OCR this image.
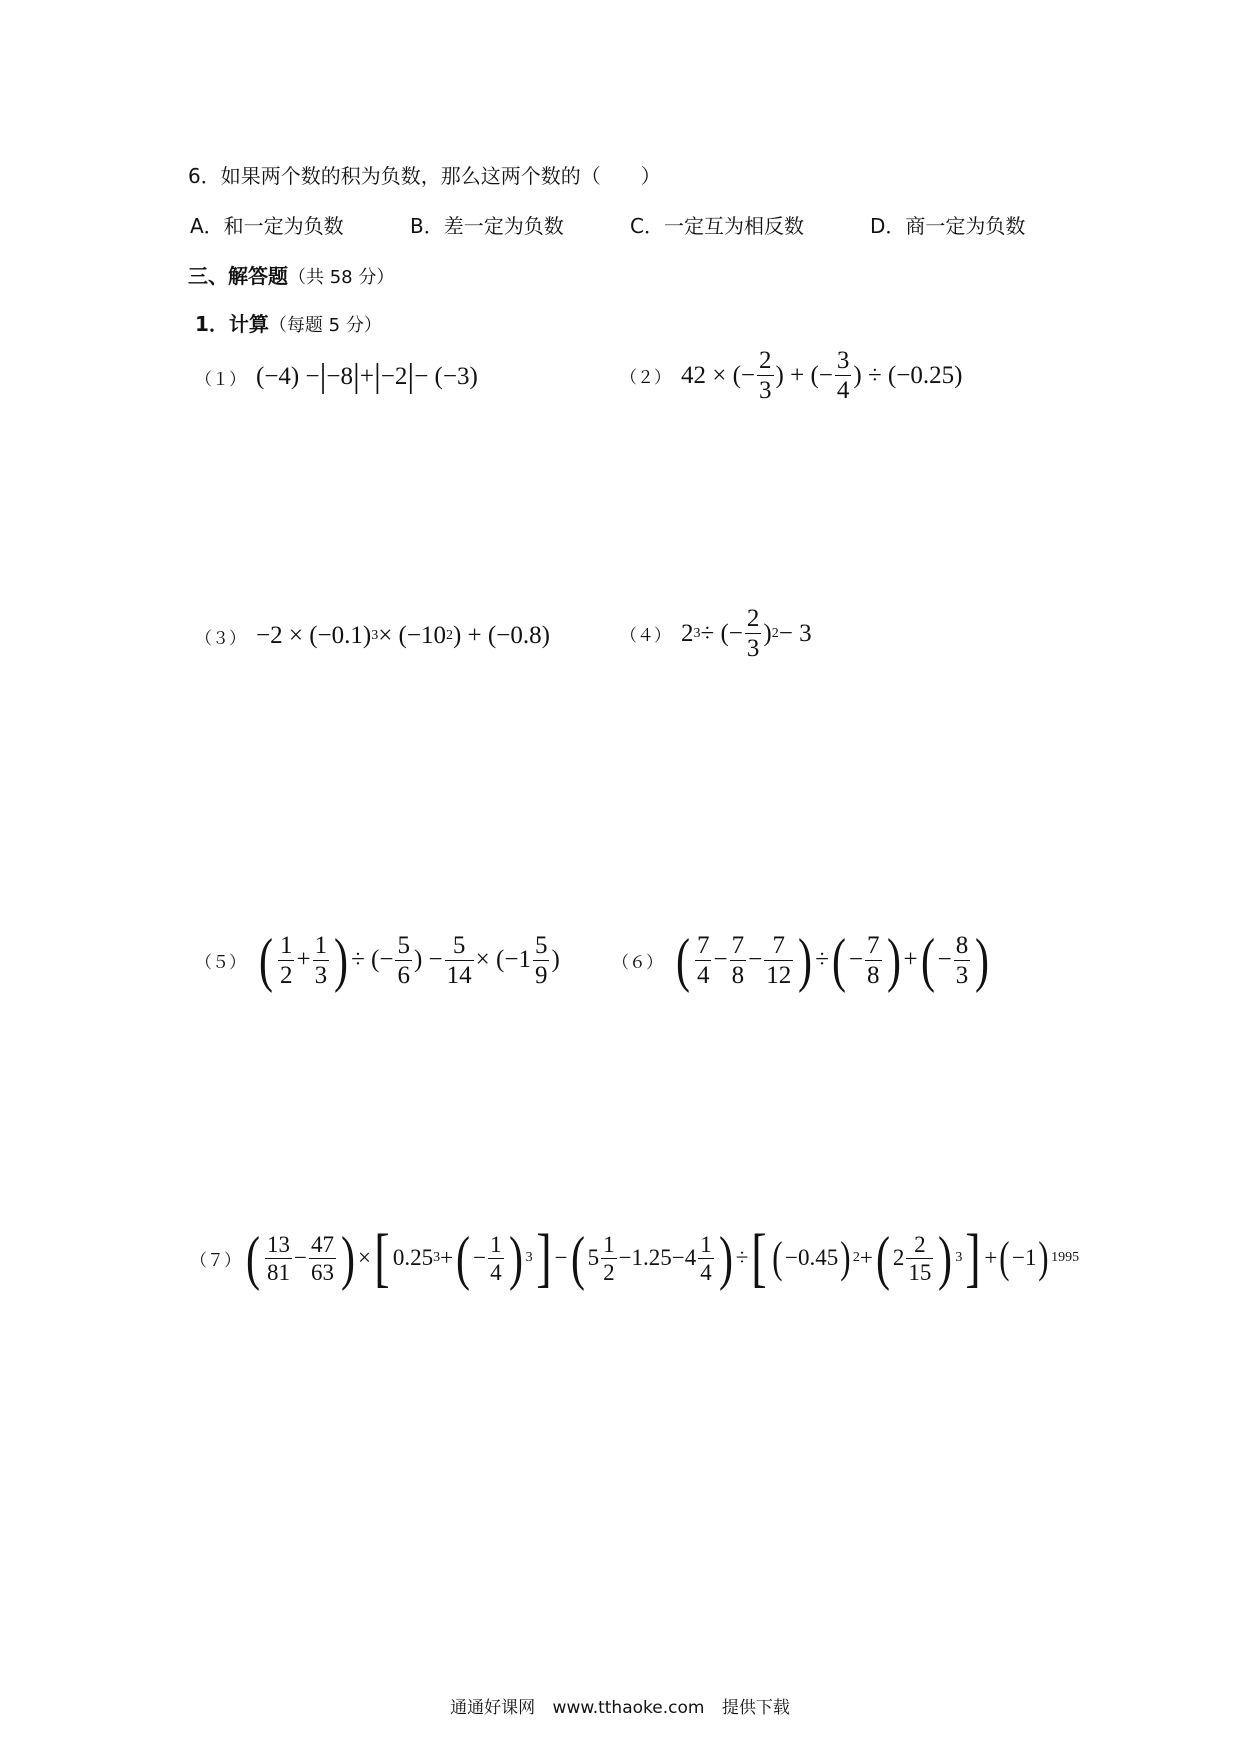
6．如果两个数的积为负数，那么这两个数的（　　）
A．和一定为负数	B．差一定为负数	C．一定互为相反数	D．商一定为负数
三、解答题（共 58 分）
1．计算（每题 5 分）
（１） (−4) − | −8 | + | −2 | − (−3)	（２） 42 × (− $\frac{2}{3}$ ) + (− $\frac{3}{4}$ ) ÷ (−0.25)
（３） −2 × (−0.1) 3 × (−10 2 ) + (−0.8)	（４） 2 3 ÷ (− $\frac{2}{3}$ ) 2 − 3
（５） ( $\frac{1}{2} + \frac{1}{3}$ ) ÷ (− $\frac{5}{6}$ ) − $\frac{5}{14} \times (-1 \frac{5}{9}$ )	（６） ( $\frac{7}{4} - \frac{7}{8} - \frac{7}{12}$ ) ÷ ( − $\frac{7}{8}$ ) + ( − $\frac{8}{3}$ )
（７） ( $\frac{13}{81} - \frac{47}{63}$ ) × [ 0.25 3 + ( − $\frac{1}{4}$ ) 3 ] − ( $5 \frac{1}{2} -1.25-4 \frac{1}{4}$ ) ÷ [ ( −0.45 ) 2 + ( $2 \frac{2}{15}$ ) 3 ] + ( −1 ) 1995
通通好课网 www.tthaoke.com 提供下载
